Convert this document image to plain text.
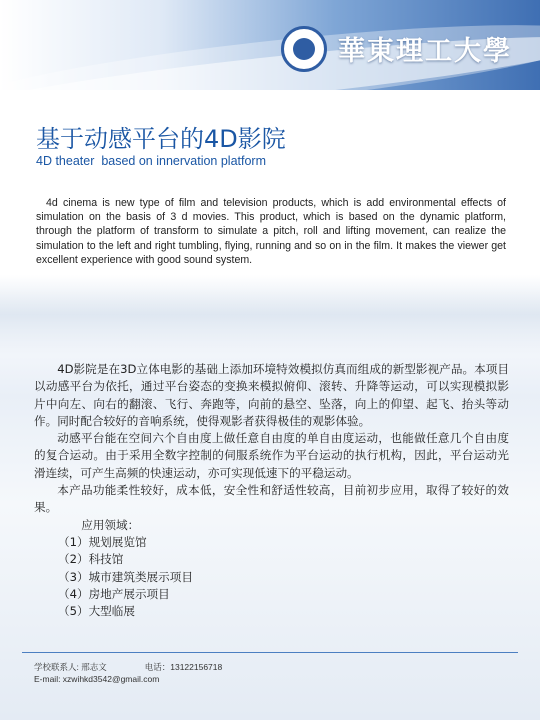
華東理工大學
基于动感平台的4D影院
4D theater  based on innervation platform

4d cinema is new type of film and television products, which is add environmental effects of simulation on the basis of 3 d movies. This product, which is based on the dynamic platform, through the platform of transform to simulate a pitch, roll and lifting movement, can realize the simulation to the left and right tumbling, flying, running and so on in the film. It makes the viewer get excellent experience with good sound system.

4D影院是在3D立体电影的基础上添加环境特效模拟仿真而组成的新型影视产品。本项目以动感平台为依托，通过平台姿态的变换来模拟俯仰、滚转、升降等运动，可以实现模拟影片中向左、向右的翻滚、飞行、奔跑等，向前的悬空、坠落，向上的仰望、起飞、抬头等动作。同时配合较好的音响系统，使得观影者获得极佳的观影体验。

动感平台能在空间六个自由度上做任意自由度的单自由度运动，也能做任意几个自由度的复合运动。由于采用全数字控制的伺服系统作为平台运动的执行机构，因此，平台运动光滑连续，可产生高频的快速运动，亦可实现低速下的平稳运动。

本产品功能柔性较好，成本低，安全性和舒适性较高，目前初步应用，取得了较好的效果。

应用领域：

（1）规划展览馆
（2）科技馆
（3）城市建筑类展示项目
（4）房地产展示项目
（5）大型临展
学校联系人: 邢志文	电话：13122156718
E-mail: xzwihkd3542@gmail.com
